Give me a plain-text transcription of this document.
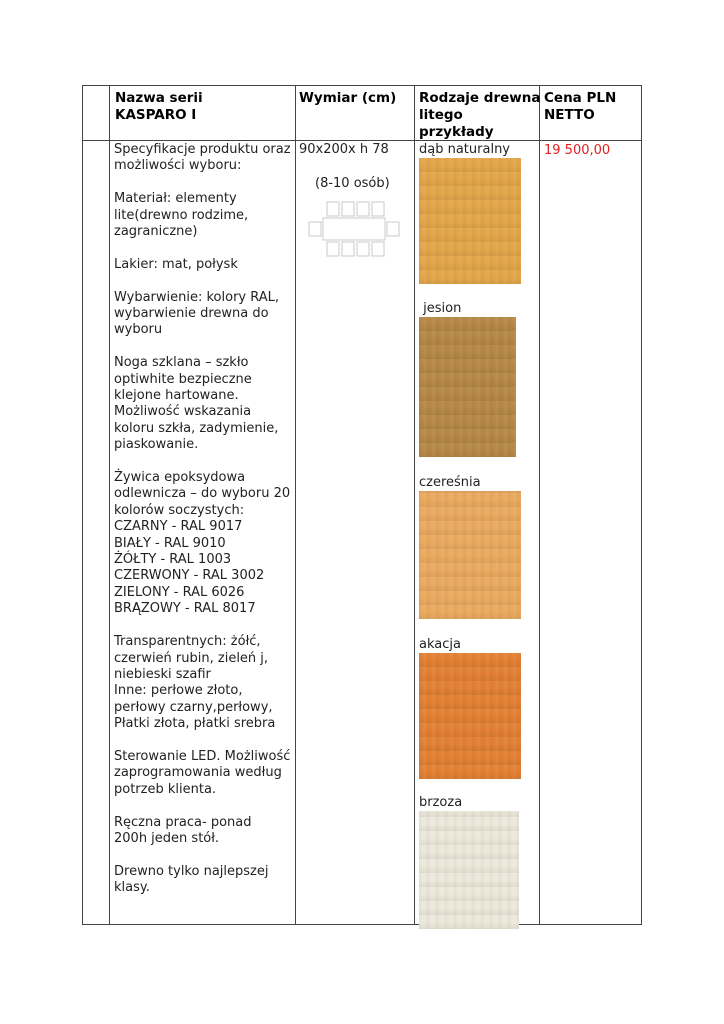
Nazwa serii
KASPARO I
Wymiar (cm) Rodzaje drewna
litego
przykłady
Cena PLN
NETTO
Specyfikacje produktu oraz
możliwości wyboru:
Materiał: elementy
lite(drewno rodzime,
zagraniczne)
Lakier: mat, połysk
Wybarwienie: kolory RAL,
wybarwienie drewna do
wyboru
Noga szklana – szkło
optiwhite bezpieczne
klejone hartowane.
Możliwość wskazania
koloru szkła, zadymienie,
piaskowanie.
Żywica epoksydowa
odlewnicza – do wyboru 20
kolorów soczystych:
CZARNY - RAL 9017
BIAŁY - RAL 9010
ŻÓŁTY - RAL 1003
CZERWONY - RAL 3002
ZIELONY - RAL 6026
BRĄZOWY - RAL 8017
Transparentnych: żółć,
czerwień rubin, zieleń j,
niebieski szafir
Inne: perłowe złoto,
perłowy czarny,perłowy,
Płatki złota, płatki srebra
Sterowanie LED. Możliwość
zaprogramowania według
potrzeb klienta.
Ręczna praca- ponad
200h jeden stół.
Drewno tylko najlepszej
klasy.
90x200x h 78
(8-10 osób)
dąb naturalny
jesion
czereśnia
akacja
brzoza
19 500,00
